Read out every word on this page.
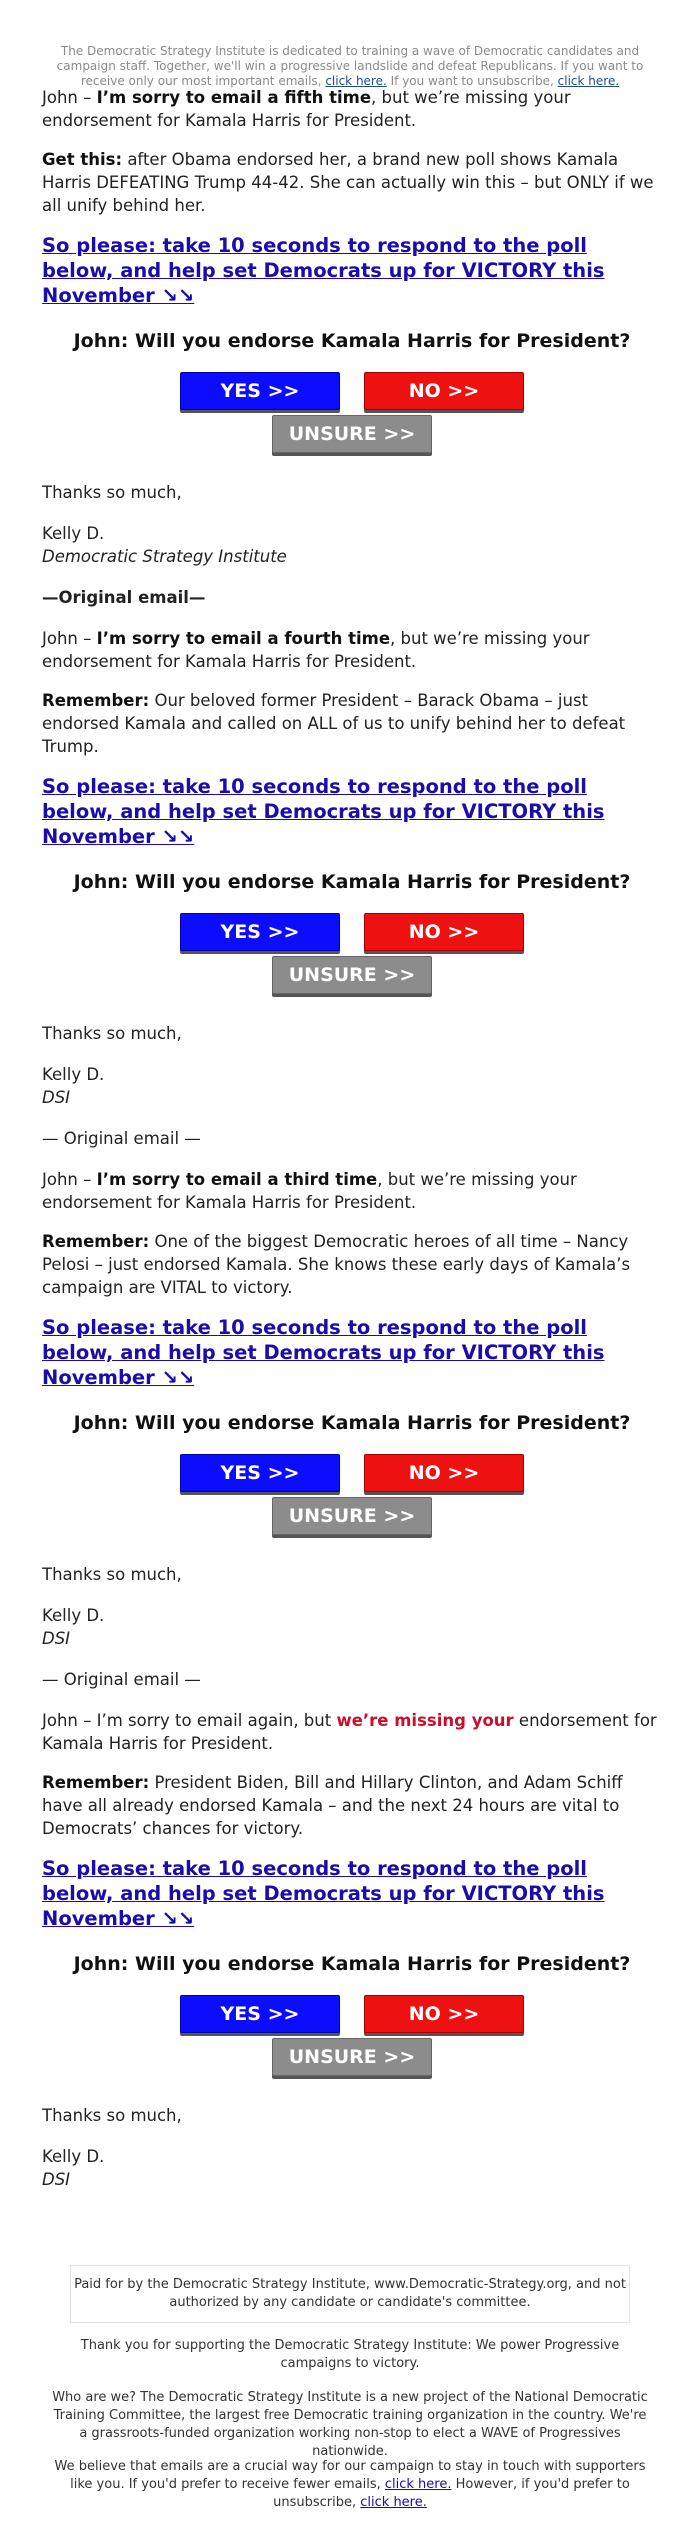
The Democratic Strategy Institute is dedicated to training a wave of Democratic candidates and campaign staff. Together, we'll win a progressive landslide and defeat Republicans. If you want to receive only our most important emails, click here. If you want to unsubscribe, click here.

John – I’m sorry to email a fifth time, but we’re missing your endorsement for Kamala Harris for President.

Get this: after Obama endorsed her, a brand new poll shows Kamala Harris DEFEATING Trump 44-42. She can actually win this – but ONLY if we all unify behind her.

So please: take 10 seconds to respond to the poll below, and help set Democrats up for VICTORY this November ↘↘
John: Will you endorse Kamala Harris for President?
YES >>	NO >>
UNSURE >>

Thanks so much,

Kelly D.

Democratic Strategy Institute

—Original email—

John – I’m sorry to email a fourth time, but we’re missing your endorsement for Kamala Harris for President.

Remember: Our beloved former President – Barack Obama – just endorsed Kamala and called on ALL of us to unify behind her to defeat Trump.

So please: take 10 seconds to respond to the poll below, and help set Democrats up for VICTORY this November ↘↘
John: Will you endorse Kamala Harris for President?
YES >>	NO >>
UNSURE >>

Thanks so much,

Kelly D.

DSI

— Original email —

John – I’m sorry to email a third time, but we’re missing your endorsement for Kamala Harris for President.

Remember: One of the biggest Democratic heroes of all time – Nancy Pelosi – just endorsed Kamala. She knows these early days of Kamala’s campaign are VITAL to victory.

So please: take 10 seconds to respond to the poll below, and help set Democrats up for VICTORY this November ↘↘
John: Will you endorse Kamala Harris for President?
YES >>	NO >>
UNSURE >>

Thanks so much,

Kelly D.

DSI

— Original email —

John – I’m sorry to email again, but we’re missing your endorsement for Kamala Harris for President.

Remember: President Biden, Bill and Hillary Clinton, and Adam Schiff have all already endorsed Kamala – and the next 24 hours are vital to Democrats’ chances for victory.

So please: take 10 seconds to respond to the poll below, and help set Democrats up for VICTORY this November ↘↘
John: Will you endorse Kamala Harris for President?
YES >>	NO >>
UNSURE >>

Thanks so much,

Kelly D.

DSI

Paid for by the Democratic Strategy Institute, www.Democratic-Strategy.org, and not authorized by any candidate or candidate's committee.
Thank you for supporting the Democratic Strategy Institute: We power Progressive campaigns to victory.
Who are we? The Democratic Strategy Institute is a new project of the National Democratic Training Committee, the largest free Democratic training organization in the country. We're a grassroots-funded organization working non-stop to elect a WAVE of Progressives nationwide.
We believe that emails are a crucial way for our campaign to stay in touch with supporters like you. If you'd prefer to receive fewer emails, click here. However, if you'd prefer to unsubscribe, click here.
